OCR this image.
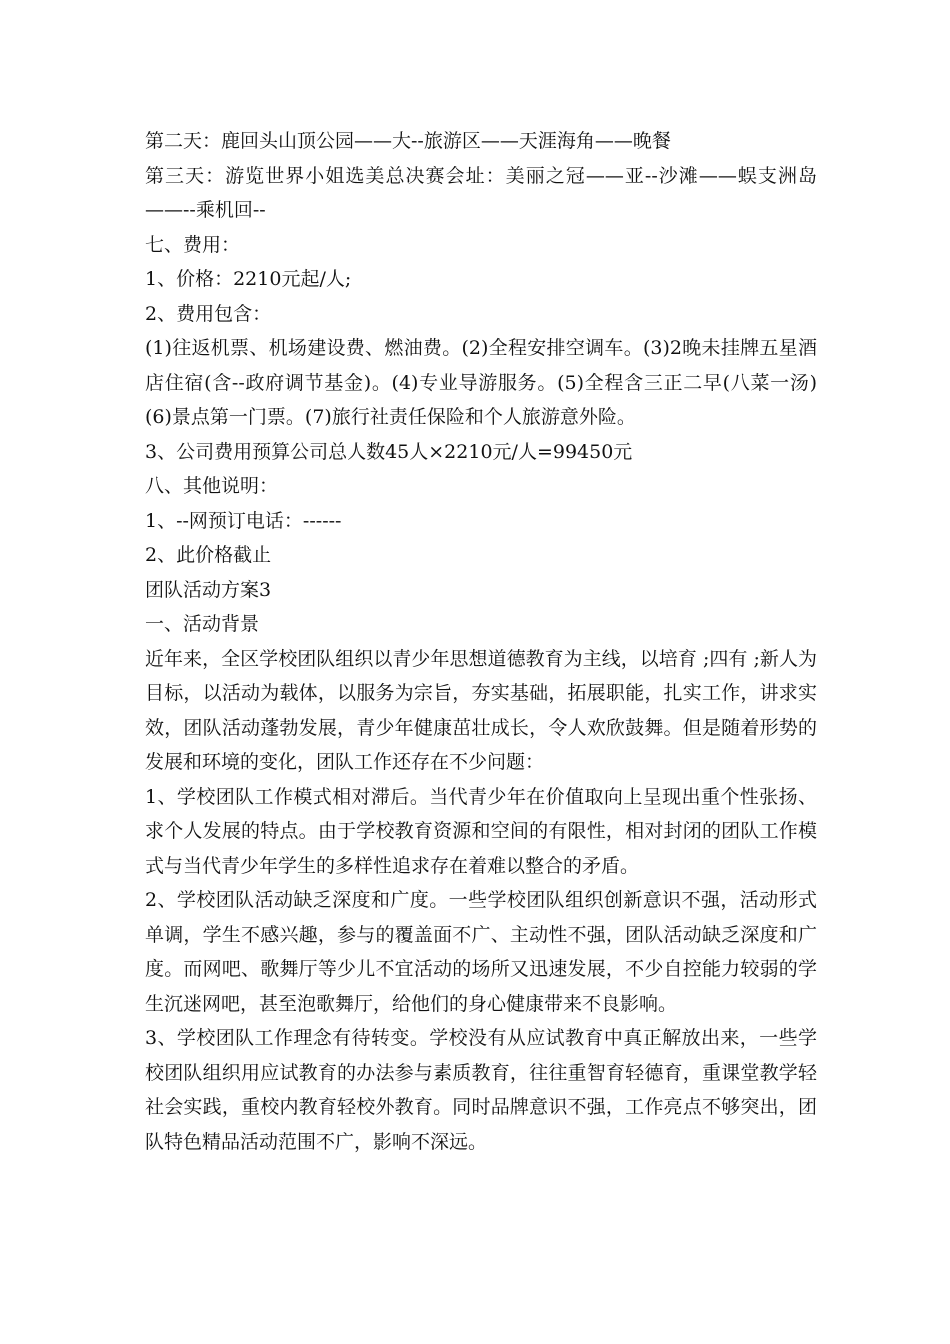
第二天：鹿回头山顶公园——大--旅游区——天涯海角——晚餐

第三天：游览世界小姐选美总决赛会址：美丽之冠——亚--沙滩——蜈支洲岛——--乘机回--

七、费用：

1、价格：2210元起/人;

2、费用包含：

(1)往返机票、机场建设费、燃油费。(2)全程安排空调车。(3)2晚未挂牌五星酒店住宿(含--政府调节基金)。(4)专业导游服务。(5)全程含三正二早(八菜一汤)(6)景点第一门票。(7)旅行社责任保险和个人旅游意外险。

3、公司费用预算公司总人数45人×2210元/人=99450元

八、其他说明：

1、--网预订电话：------

2、此价格截止

团队活动方案3

一、活动背景

近年来，全区学校团队组织以青少年思想道德教育为主线，以培育 ;四有 ;新人为目标，以活动为载体，以服务为宗旨，夯实基础，拓展职能，扎实工作，讲求实效，团队活动蓬勃发展，青少年健康茁壮成长，令人欢欣鼓舞。但是随着形势的发展和环境的变化，团队工作还存在不少问题：

1、学校团队工作模式相对滞后。当代青少年在价值取向上呈现出重个性张扬、求个人发展的特点。由于学校教育资源和空间的有限性，相对封闭的团队工作模式与当代青少年学生的多样性追求存在着难以整合的矛盾。

2、学校团队活动缺乏深度和广度。一些学校团队组织创新意识不强，活动形式单调，学生不感兴趣，参与的覆盖面不广、主动性不强，团队活动缺乏深度和广度。而网吧、歌舞厅等少儿不宜活动的场所又迅速发展，不少自控能力较弱的学生沉迷网吧，甚至泡歌舞厅，给他们的身心健康带来不良影响。

3、学校团队工作理念有待转变。学校没有从应试教育中真正解放出来，一些学校团队组织用应试教育的办法参与素质教育，往往重智育轻德育，重课堂教学轻社会实践，重校内教育轻校外教育。同时品牌意识不强，工作亮点不够突出，团队特色精品活动范围不广，影响不深远。
